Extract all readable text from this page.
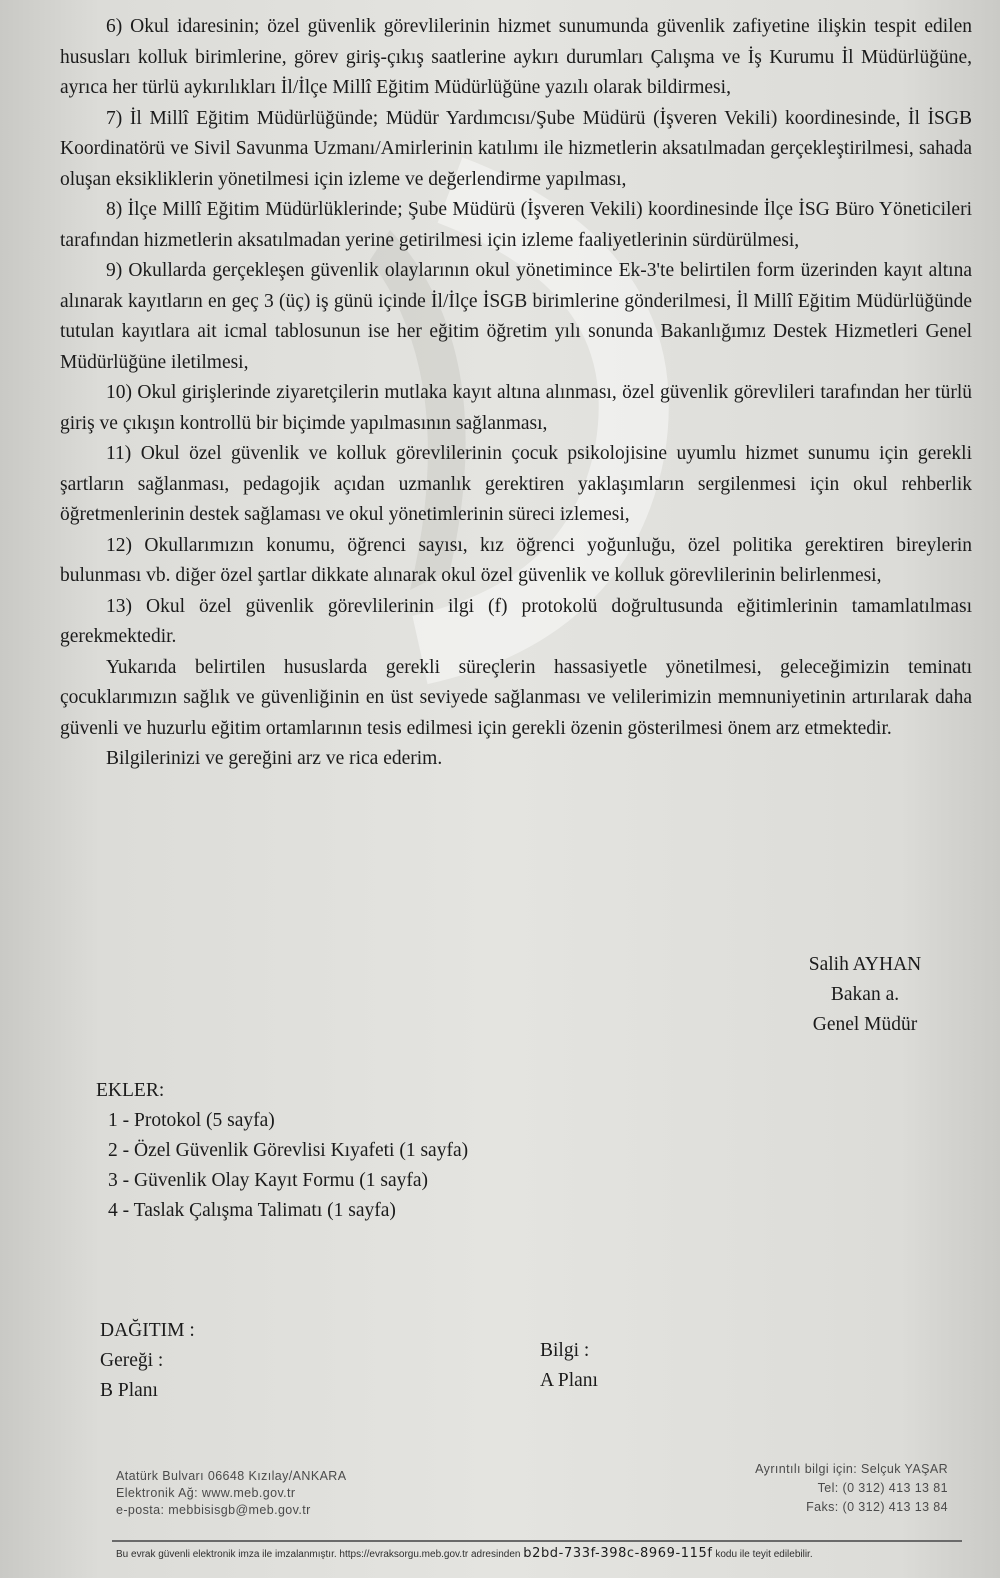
6) Okul idaresinin; özel güvenlik görevlilerinin hizmet sunumunda güvenlik zafiyetine ilişkin tespit edilen hususları kolluk birimlerine, görev giriş-çıkış saatlerine aykırı durumları Çalışma ve İş Kurumu İl Müdürlüğüne, ayrıca her türlü aykırılıkları İl/İlçe Millî Eğitim Müdürlüğüne yazılı olarak bildirmesi,

7) İl Millî Eğitim Müdürlüğünde; Müdür Yardımcısı/Şube Müdürü (İşveren Vekili) koordinesinde, İl İSGB Koordinatörü ve Sivil Savunma Uzmanı/Amirlerinin katılımı ile hizmetlerin aksatılmadan gerçekleştirilmesi, sahada oluşan eksikliklerin yönetilmesi için izleme ve değerlendirme yapılması,

8) İlçe Millî Eğitim Müdürlüklerinde; Şube Müdürü (İşveren Vekili) koordinesinde İlçe İSG Büro Yöneticileri tarafından hizmetlerin aksatılmadan yerine getirilmesi için izleme faaliyetlerinin sürdürülmesi,

9) Okullarda gerçekleşen güvenlik olaylarının okul yönetimince Ek-3'te belirtilen form üzerinden kayıt altına alınarak kayıtların en geç 3 (üç) iş günü içinde İl/İlçe İSGB birimlerine gönderilmesi, İl Millî Eğitim Müdürlüğünde tutulan kayıtlara ait icmal tablosunun ise her eğitim öğretim yılı sonunda Bakanlığımız Destek Hizmetleri Genel Müdürlüğüne iletilmesi,

10) Okul girişlerinde ziyaretçilerin mutlaka kayıt altına alınması, özel güvenlik görevlileri tarafından her türlü giriş ve çıkışın kontrollü bir biçimde yapılmasının sağlanması,

11) Okul özel güvenlik ve kolluk görevlilerinin çocuk psikolojisine uyumlu hizmet sunumu için gerekli şartların sağlanması, pedagojik açıdan uzmanlık gerektiren yaklaşımların sergilenmesi için okul rehberlik öğretmenlerinin destek sağlaması ve okul yönetimlerinin süreci izlemesi,

12) Okullarımızın konumu, öğrenci sayısı, kız öğrenci yoğunluğu, özel politika gerektiren bireylerin bulunması vb. diğer özel şartlar dikkate alınarak okul özel güvenlik ve kolluk görevlilerinin belirlenmesi,

13) Okul özel güvenlik görevlilerinin ilgi (f) protokolü doğrultusunda eğitimlerinin tamamlatılması gerekmektedir.

Yukarıda belirtilen hususlarda gerekli süreçlerin hassasiyetle yönetilmesi, geleceğimizin teminatı çocuklarımızın sağlık ve güvenliğinin en üst seviyede sağlanması ve velilerimizin memnuniyetinin artırılarak daha güvenli ve huzurlu eğitim ortamlarının tesis edilmesi için gerekli özenin gösterilmesi önem arz etmektedir.

Bilgilerinizi ve gereğini arz ve rica ederim.

Salih AYHAN
Bakan a.
Genel Müdür

EKLER:

1 - Protokol (5 sayfa)
2 - Özel Güvenlik Görevlisi Kıyafeti (1 sayfa)
3 - Güvenlik Olay Kayıt Formu (1 sayfa)
4 - Taslak Çalışma Talimatı (1 sayfa)
DAĞITIM :
Gereği :
B Planı
Bilgi :
A Planı
Atatürk Bulvarı 06648 Kızılay/ANKARA
Elektronik Ağ: www.meb.gov.tr
e-posta: mebbisisgb@meb.gov.tr
Ayrıntılı bilgi için: Selçuk YAŞAR
Tel: (0 312) 413 13 81
Faks: (0 312) 413 13 84
Bu evrak güvenli elektronik imza ile imzalanmıştır. https://evraksorgu.meb.gov.tr adresinden b2bd-733f-398c-8969-115f kodu ile teyit edilebilir.
